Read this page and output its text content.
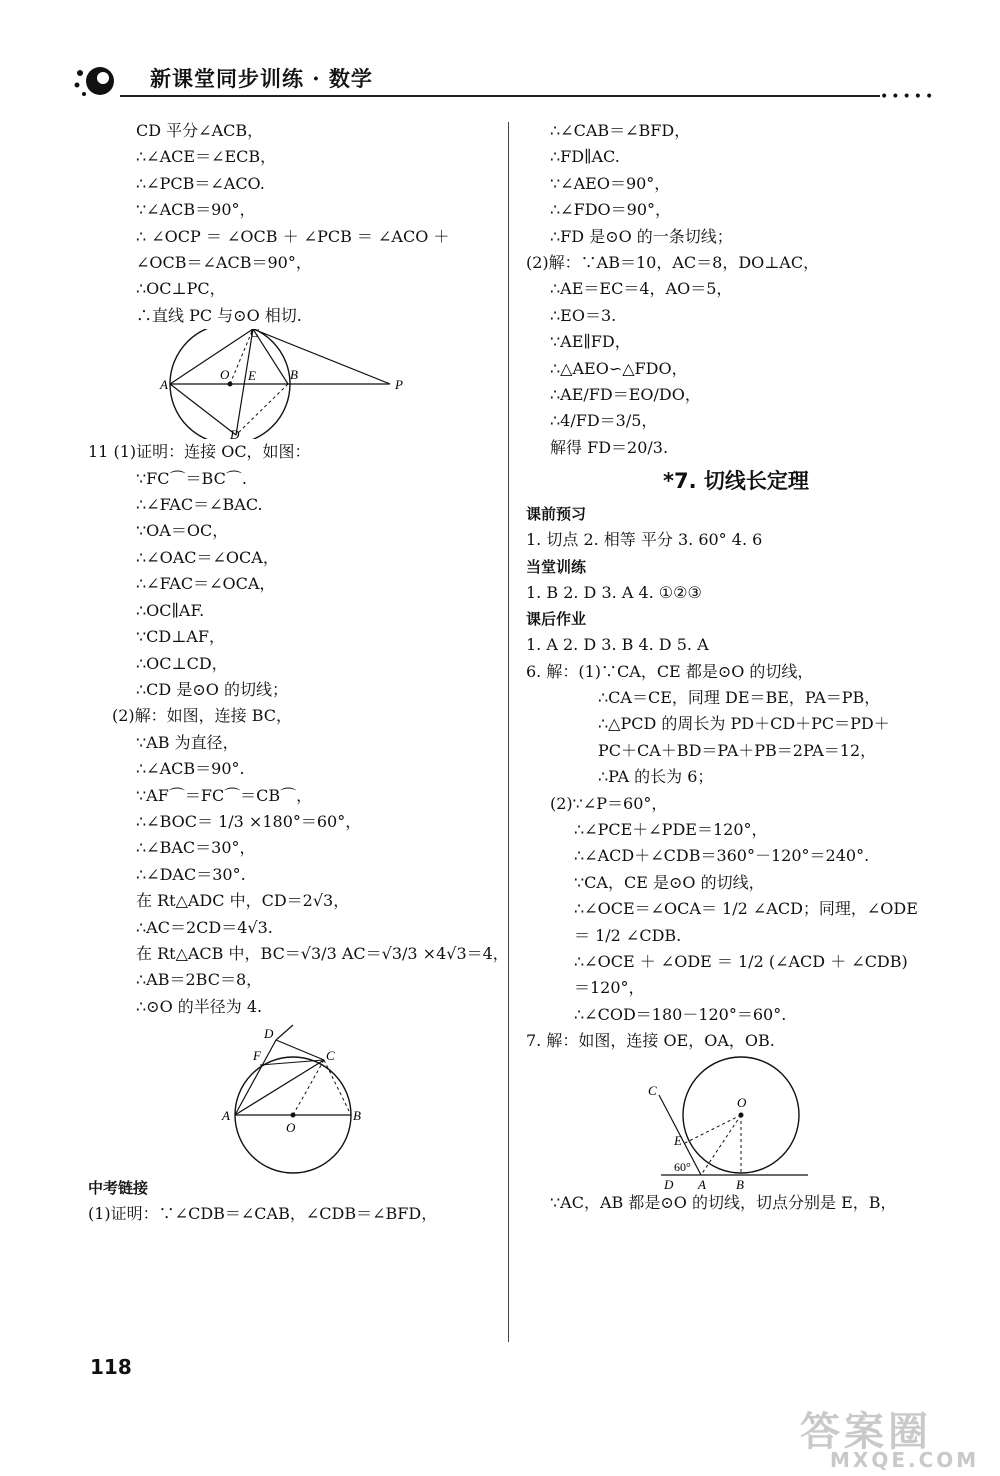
新课堂同步训练 · 数学
•••••
CD 平分∠ACB，
∴∠ACE＝∠ECB，
∴∠PCB＝∠ACO.
∵∠ACB＝90°，
∴ ∠OCP ＝ ∠OCB ＋ ∠PCB ＝ ∠ACO ＋
∠OCB＝∠ACB＝90°，
∴OC⊥PC，
∴直线 PC 与⊙O 相切.
C
A
O E	B
P
D
11 (1)证明：连接 OC，如图：
∵FC⌒＝BC⌒.
∴∠FAC＝∠BAC.
∵OA＝OC，
∴∠OAC＝∠OCA，
∴∠FAC＝∠OCA，
∴OC∥AF.
∵CD⊥AF，
∴OC⊥CD，
∴CD 是⊙O 的切线；
(2)解：如图，连接 BC，
∵AB 为直径，
∴∠ACB＝90°.
∵AF⌒＝FC⌒＝CB⌒，
∴∠BOC＝ 1/3 ×180°＝60°，
∴∠BAC＝30°，
∴∠DAC＝30°.
在 Rt△ADC 中，CD＝2√3，
∴AC＝2CD＝4√3.
在 Rt△ACB 中，BC＝√3/3 AC＝√3/3 ×4√3＝4，
∴AB＝2BC＝8，
∴⊙O 的半径为 4.
D
F	C
A
O
B
中考链接
(1)证明：∵∠CDB＝∠CAB，∠CDB＝∠BFD，
∴∠CAB＝∠BFD，
∴FD∥AC.
∵∠AEO＝90°，
∴∠FDO＝90°，
∴FD 是⊙O 的一条切线；
(2)解：∵AB＝10，AC＝8，DO⊥AC，
∴AE＝EC＝4，AO＝5，
∴EO＝3.
∵AE∥FD，
∴△AEO∽△FDO，
∴AE/FD＝EO/DO，
∴4/FD＝3/5，
解得 FD＝20/3.
*7. 切线长定理
课前预习
1. 切点 2. 相等 平分 3. 60° 4. 6
当堂训练
1. B 2. D 3. A 4. ①②③
课后作业
1. A 2. D 3. B 4. D 5. A
6. 解：(1)∵CA，CE 都是⊙O 的切线，
∴CA＝CE，同理 DE＝BE，PA＝PB，
∴△PCD 的周长为 PD＋CD＋PC＝PD＋
PC＋CA＋BD＝PA＋PB＝2PA＝12，
∴PA 的长为 6；
(2)∵∠P＝60°，
∴∠PCE＋∠PDE＝120°，
∴∠ACD＋∠CDB＝360°－120°＝240°.
∵CA，CE 是⊙O 的切线，
∴∠OCE＝∠OCA＝ 1/2 ∠ACD；同理，∠ODE
＝ 1/2 ∠CDB.
∴∠OCE ＋ ∠ODE ＝ 1/2 (∠ACD ＋ ∠CDB)
＝120°，
∴∠COD＝180－120°＝60°.
7. 解：如图，连接 OE，OA，OB.
C
O
E
60°
D A B
∵AC，AB 都是⊙O 的切线，切点分别是 E，B，
118
答案圈
MXQE.COM
